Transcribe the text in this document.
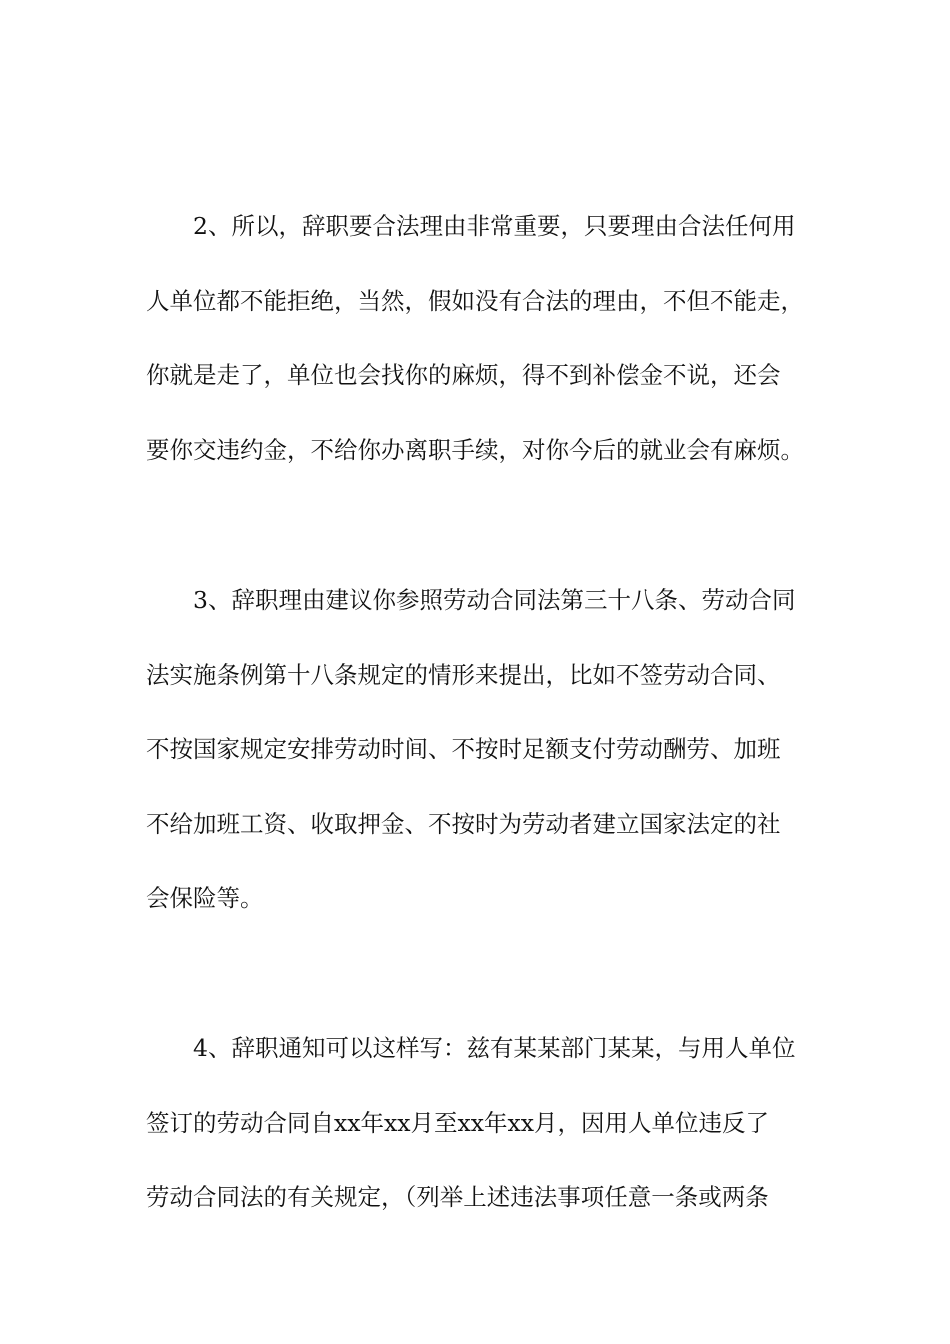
2、所以，辞职要合法理由非常重要，只要理由合法任何用
人单位都不能拒绝，当然，假如没有合法的理由，不但不能走，
你就是走了，单位也会找你的麻烦，得不到补偿金不说，还会
要你交违约金，不给你办离职手续，对你今后的就业会有麻烦。
3、辞职理由建议你参照劳动合同法第三十八条、劳动合同
法实施条例第十八条规定的情形来提出，比如不签劳动合同、
不按国家规定安排劳动时间、不按时足额支付劳动酬劳、加班
不给加班工资、收取押金、不按时为劳动者建立国家法定的社
会保险等。
4、辞职通知可以这样写：兹有某某部门某某，与用人单位
签订的劳动合同自xx年xx月至xx年xx月，因用人单位违反了
劳动合同法的有关规定，（列举上述违法事项任意一条或两条
